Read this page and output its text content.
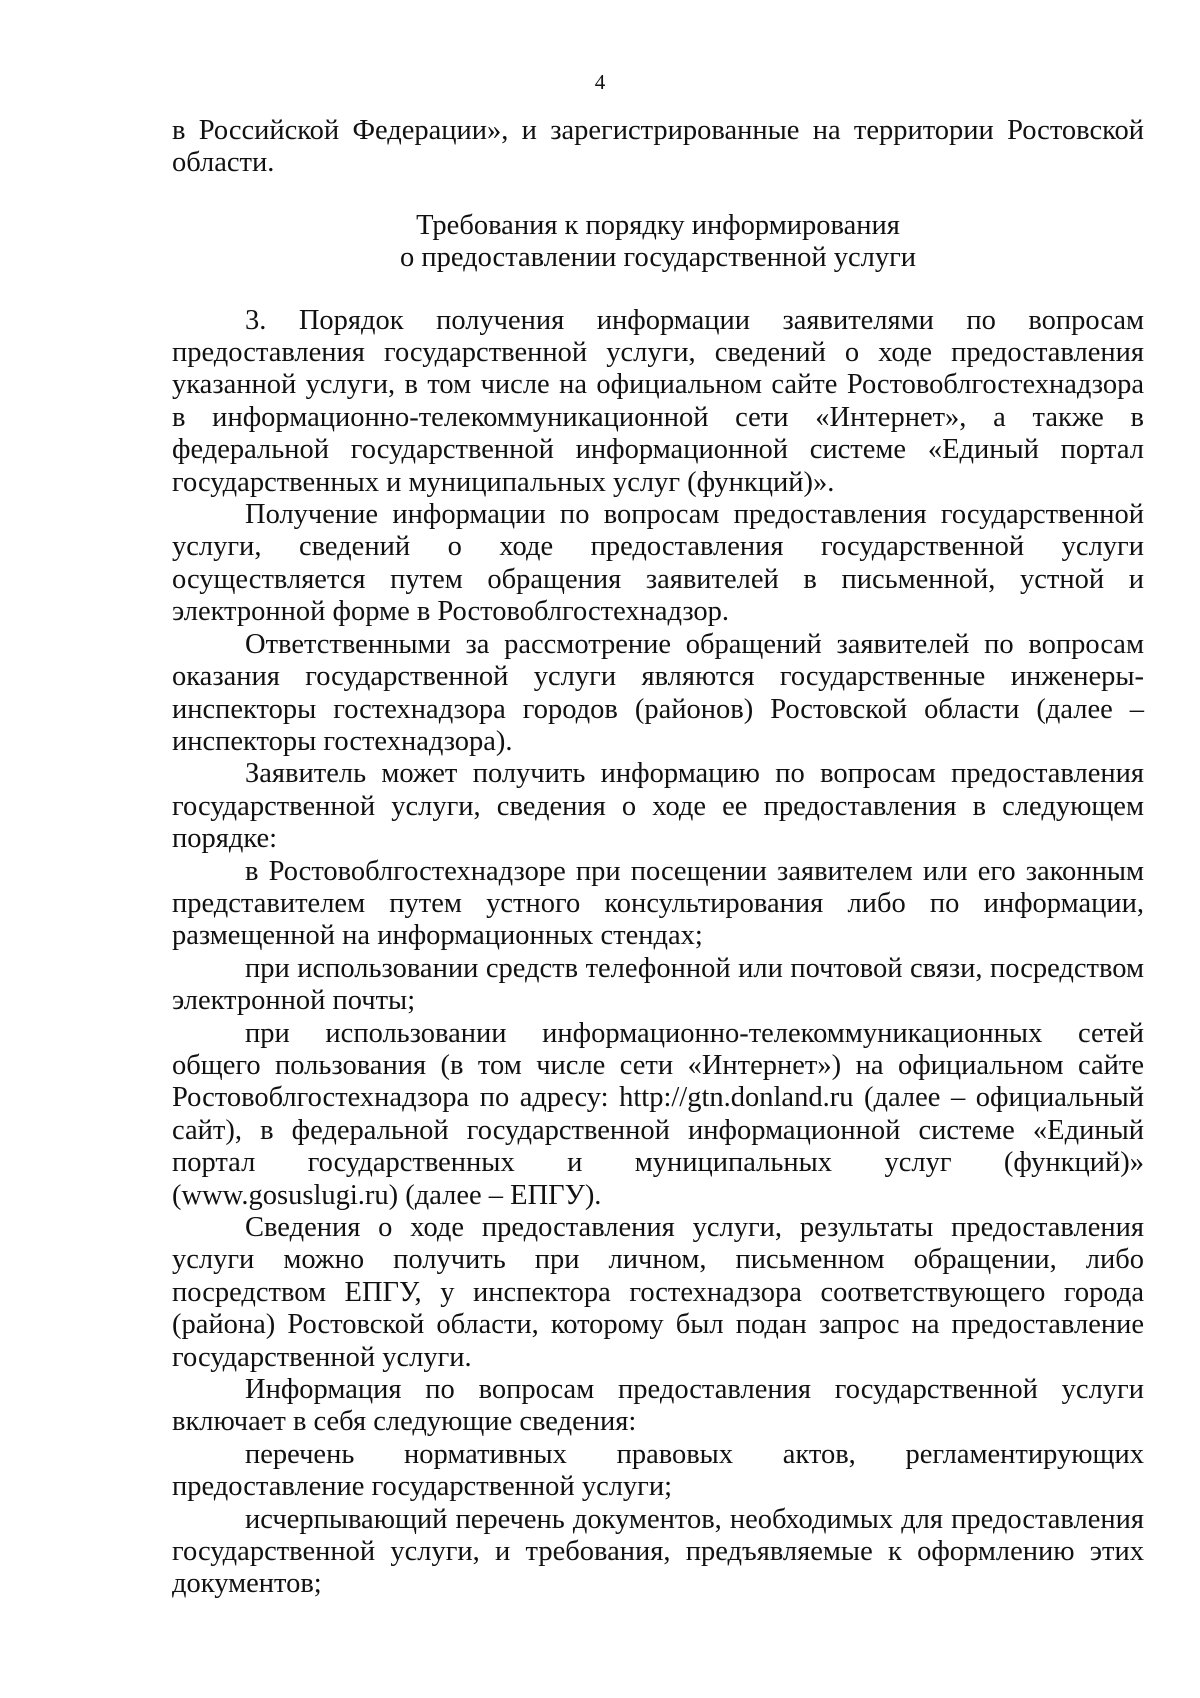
4

в Российской Федерации», и зарегистрированные на территории Ростовской области.

Требования к порядку информирования
о предоставлении государственной услуги

3. Порядок получения информации заявителями по вопросам предоставления государственной услуги, сведений о ходе предоставления указанной услуги, в том числе на официальном сайте Ростовоблгостехнадзора в информационно-телекоммуникационной сети «Интернет», а также в федеральной государственной информационной системе «Единый портал государственных и муниципальных услуг (функций)».

Получение информации по вопросам предоставления государственной услуги, сведений о ходе предоставления государственной услуги осуществляется путем обращения заявителей в письменной, устной и электронной форме в Ростовоблгостехнадзор.

Ответственными за рассмотрение обращений заявителей по вопросам оказания государственной услуги являются государственные инженеры-инспекторы гостехнадзора городов (районов) Ростовской области (далее – инспекторы гостехнадзора).

Заявитель может получить информацию по вопросам предоставления государственной услуги, сведения о ходе ее предоставления в следующем порядке:

в Ростовоблгостехнадзоре при посещении заявителем или его законным представителем путем устного консультирования либо по информации, размещенной на информационных стендах;

при использовании средств телефонной или почтовой связи, посредством электронной почты;

при использовании информационно-телекоммуникационных сетей общего пользования (в том числе сети «Интернет») на официальном сайте Ростовоблгостехнадзора по адресу: http://gtn.donland.ru (далее – официальный сайт), в федеральной государственной информационной системе «Единый портал государственных и муниципальных услуг (функций)» (www.gosuslugi.ru) (далее – ЕПГУ).

Сведения о ходе предоставления услуги, результаты предоставления услуги можно получить при личном, письменном обращении, либо посредством ЕПГУ, у инспектора гостехнадзора соответствующего города (района) Ростовской области, которому был подан запрос на предоставление государственной услуги.

Информация по вопросам предоставления государственной услуги включает в себя следующие сведения:

перечень нормативных правовых актов, регламентирующих предоставление государственной услуги;

исчерпывающий перечень документов, необходимых для предоставления государственной услуги, и требования, предъявляемые к оформлению этих документов;
